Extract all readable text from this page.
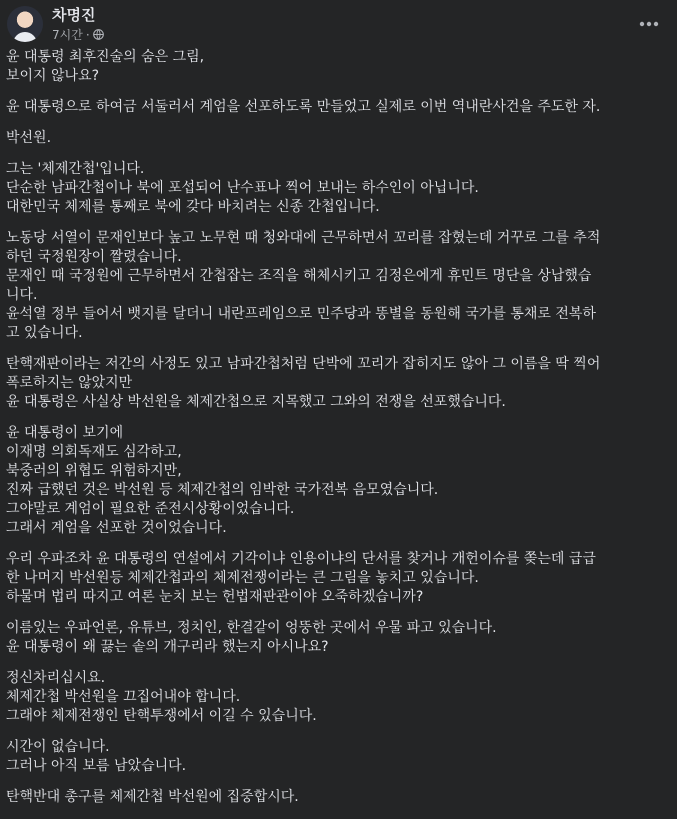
차명진
7시간 ·
윤 대통령 최후진술의 숨은 그림,
보이지 않나요?
윤 대통령으로 하여금 서둘러서 계엄을 선포하도록 만들었고 실제로 이번 역내란사건을 주도한 자.
박선원.
그는 '체제간첩'입니다.
단순한 남파간첩이나 북에 포섭되어 난수표나 찍어 보내는 하수인이 아닙니다.
대한민국 체제를 통째로 북에 갖다 바치려는 신종 간첩입니다.
노동당 서열이 문재인보다 높고 노무현 때 청와대에 근무하면서 꼬리를 잡혔는데 거꾸로 그를 추적
하던 국정원장이 짤렸습니다.
문재인 때 국정원에 근무하면서 간첩잡는 조직을 해체시키고 김정은에게 휴민트 명단을 상납했습
니다.
윤석열 정부 들어서 뱃지를 달더니 내란프레임으로 민주당과 똥별을 동원해 국가를 통채로 전복하
고 있습니다.
탄핵재판이라는 저간의 사정도 있고 남파간첩처럼 단박에 꼬리가 잡히지도 않아 그 이름을 딱 찍어
폭로하지는 않았지만
윤 대통령은 사실상 박선원을 체제간첩으로 지목했고 그와의 전쟁을 선포했습니다.
윤 대통령이 보기에
이재명 의회독재도 심각하고,
북중러의 위협도 위험하지만,
진짜 급했던 것은 박선원 등 체제간첩의 임박한 국가전복 음모였습니다.
그야말로 계엄이 필요한 준전시상황이었습니다.
그래서 계엄을 선포한 것이었습니다.
우리 우파조차 윤 대통령의 연설에서 기각이냐 인용이냐의 단서를 찾거나 개헌이슈를 쫒는데 급급
한 나머지 박선원등 체제간첩과의 체제전쟁이라는 큰 그림을 놓치고 있습니다.
하물며 법리 따지고 여론 눈치 보는 헌법재판관이야 오죽하겠습니까?
이름있는 우파언론, 유튜브, 정치인, 한결같이 엉뚱한 곳에서 우물 파고 있습니다.
윤 대통령이 왜 끓는 솥의 개구리라 했는지 아시나요?
정신차리십시요.
체제간첩 박선원을 끄집어내야 합니다.
그래야 체제전쟁인 탄핵투쟁에서 이길 수 있습니다.
시간이 없습니다.
그러나 아직 보름 남았습니다.
탄핵반대 총구를 체제간첩 박선원에 집중합시다.
